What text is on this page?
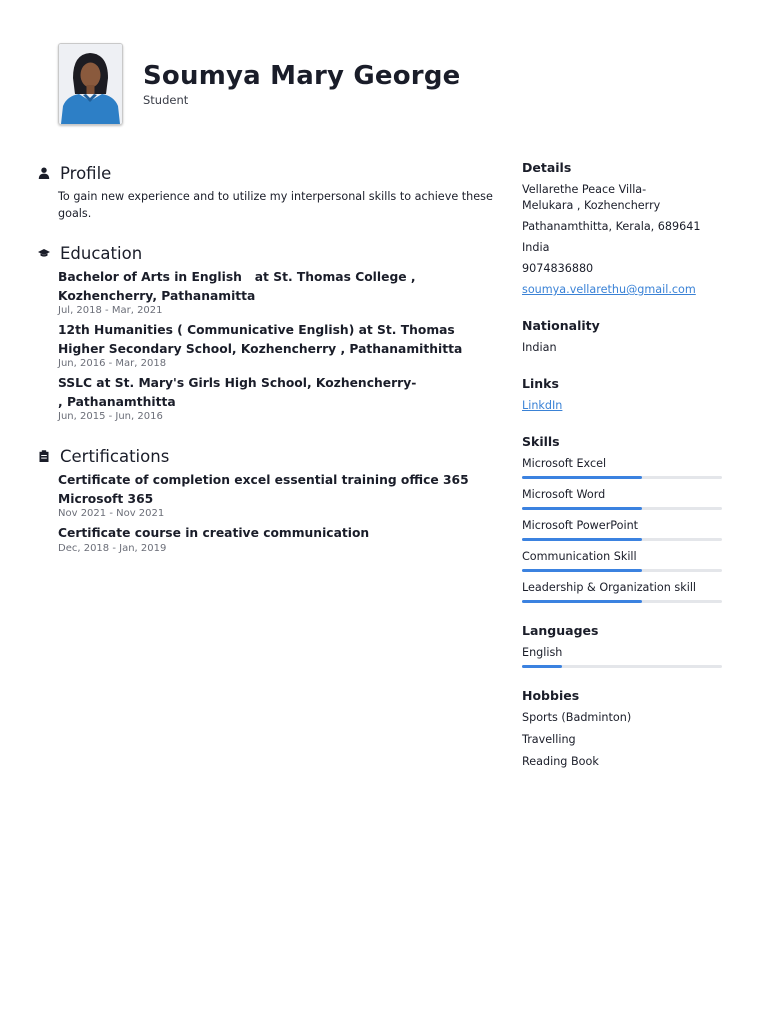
Soumya Mary George
Student
Profile
To gain new experience and to utilize my interpersonal skills to achieve these goals.
Education
Bachelor of Arts in English   at St. Thomas College , Kozhencherry, Pathanamitta
Jul, 2018 - Mar, 2021
12th Humanities ( Communicative English) at St. Thomas Higher Secondary School, Kozhencherry , Pathanamithitta
Jun, 2016 - Mar, 2018
SSLC at St. Mary's Girls High School, Kozhencherry-
, Pathanamthitta
Jun, 2015 - Jun, 2016
Certifications
Certificate of completion excel essential training office 365 Microsoft 365
Nov 2021 - Nov 2021
Certificate course in creative communication
Dec, 2018 - Jan, 2019
Details
Vellarethe Peace Villa-
Melukara , Kozhencherry
Pathanamthitta, Kerala, 689641
India
9074836880
soumya.vellarethu@gmail.com
Nationality
Indian
Links
LinkdIn
Skills
Microsoft Excel
Microsoft Word
Microsoft PowerPoint
Communication Skill
Leadership & Organization skill
Languages
English
Hobbies
Sports (Badminton)
Travelling
Reading Book
